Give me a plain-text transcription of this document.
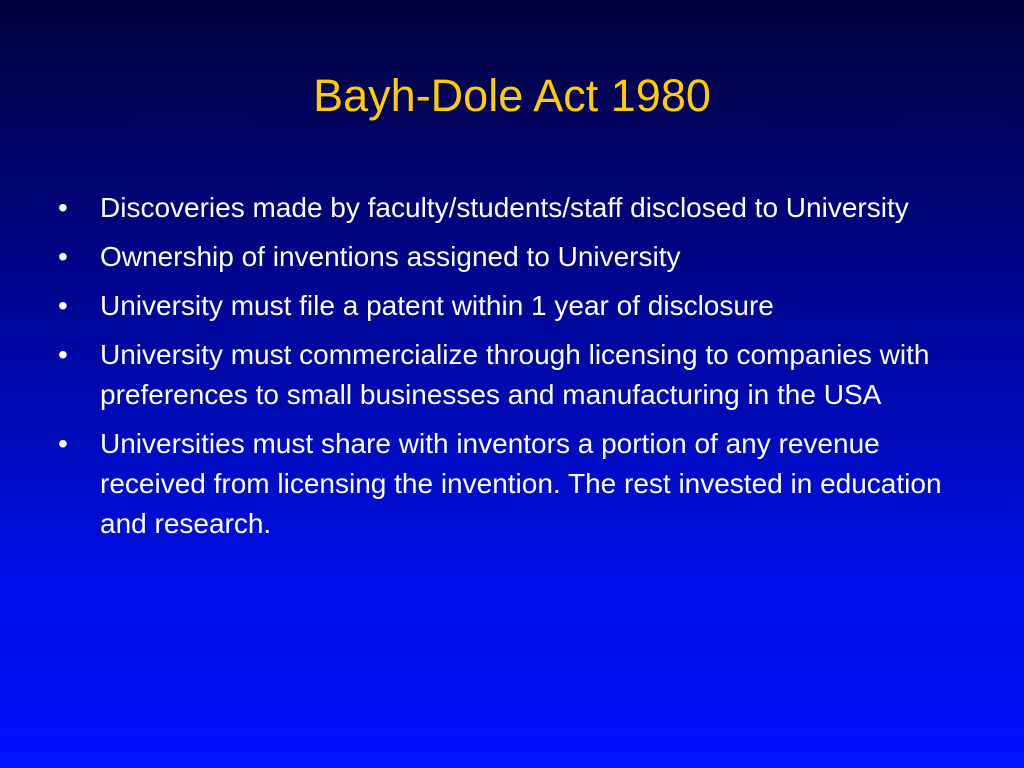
Bayh-Dole Act 1980
•	Discoveries made by faculty/students/staff disclosed to University
•	Ownership of inventions assigned to University
•	University must file a patent within 1 year of disclosure
•	University must commercialize through licensing to companies with preferences to small businesses and manufacturing in the USA
•	Universities must share with inventors a portion of any revenue received from licensing the invention. The rest invested in education and research.
